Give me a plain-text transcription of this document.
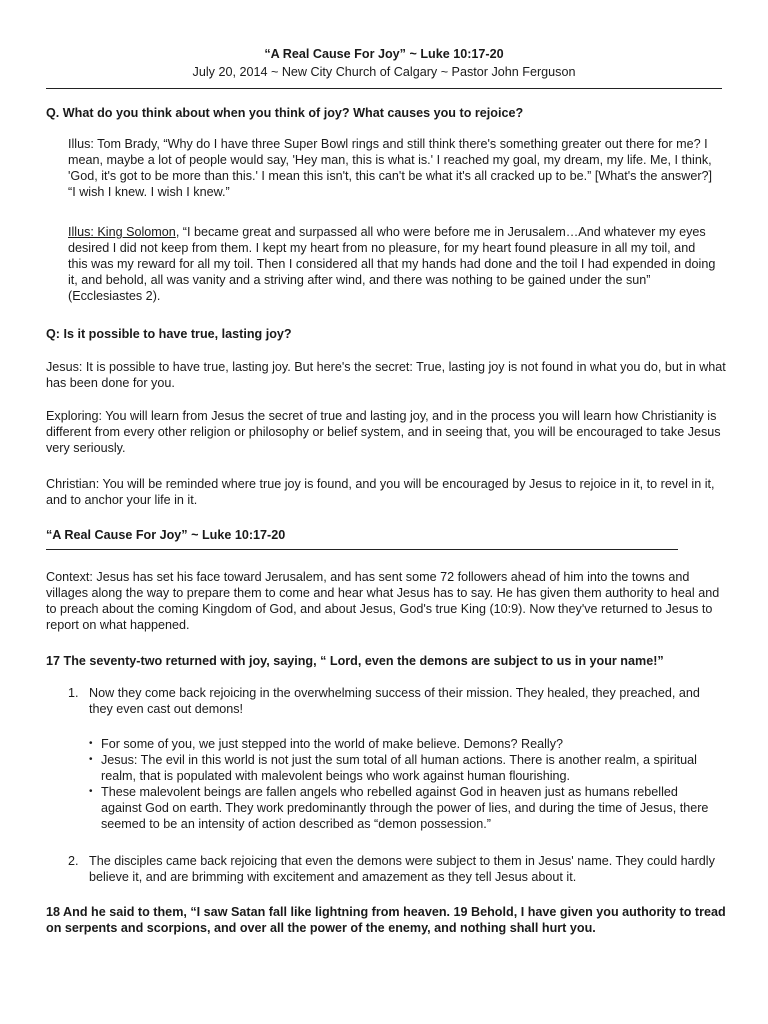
“A Real Cause For Joy” ~ Luke 10:17-20
July 20, 2014 ~ New City Church of Calgary ~ Pastor John Ferguson
Q. What do you think about when you think of joy? What causes you to rejoice?
Illus: Tom Brady, “Why do I have three Super Bowl rings and still think there's something greater out there for me? I mean, maybe a lot of people would say, 'Hey man, this is what is.' I reached my goal, my dream, my life. Me, I think, 'God, it's got to be more than this.' I mean this isn't, this can't be what it's all cracked up to be.” [What's the answer?] “I wish I knew. I wish I knew.”
Illus: King Solomon, “I became great and surpassed all who were before me in Jerusalem…And whatever my eyes desired I did not keep from them. I kept my heart from no pleasure, for my heart found pleasure in all my toil, and this was my reward for all my toil. Then I considered all that my hands had done and the toil I had expended in doing it, and behold, all was vanity and a striving after wind, and there was nothing to be gained under the sun” (Ecclesiastes 2).
Q: Is it possible to have true, lasting joy?
Jesus: It is possible to have true, lasting joy. But here's the secret: True, lasting joy is not found in what you do, but in what has been done for you.
Exploring: You will learn from Jesus the secret of true and lasting joy, and in the process you will learn how Christianity is different from every other religion or philosophy or belief system, and in seeing that, you will be encouraged to take Jesus very seriously.
Christian: You will be reminded where true joy is found, and you will be encouraged by Jesus to rejoice in it, to revel in it, and to anchor your life in it.
“A Real Cause For Joy” ~ Luke 10:17-20
Context: Jesus has set his face toward Jerusalem, and has sent some 72 followers ahead of him into the towns and villages along the way to prepare them to come and hear what Jesus has to say. He has given them authority to heal and to preach about the coming Kingdom of God, and about Jesus, God's true King (10:9). Now they've returned to Jesus to report on what happened.
17 The seventy-two returned with joy, saying, “ Lord, even the demons are subject to us in your name!”
1. Now they come back rejoicing in the overwhelming success of their mission. They healed, they preached, and they even cast out demons!
• For some of you, we just stepped into the world of make believe. Demons? Really?
• Jesus: The evil in this world is not just the sum total of all human actions. There is another realm, a spiritual realm, that is populated with malevolent beings who work against human flourishing.
• These malevolent beings are fallen angels who rebelled against God in heaven just as humans rebelled against God on earth. They work predominantly through the power of lies, and during the time of Jesus, there seemed to be an intensity of action described as “demon possession.”
2. The disciples came back rejoicing that even the demons were subject to them in Jesus' name. They could hardly believe it, and are brimming with excitement and amazement as they tell Jesus about it.
18 And he said to them, “I saw Satan fall like lightning from heaven. 19 Behold, I have given you authority to tread on serpents and scorpions, and over all the power of the enemy, and nothing shall hurt you.
